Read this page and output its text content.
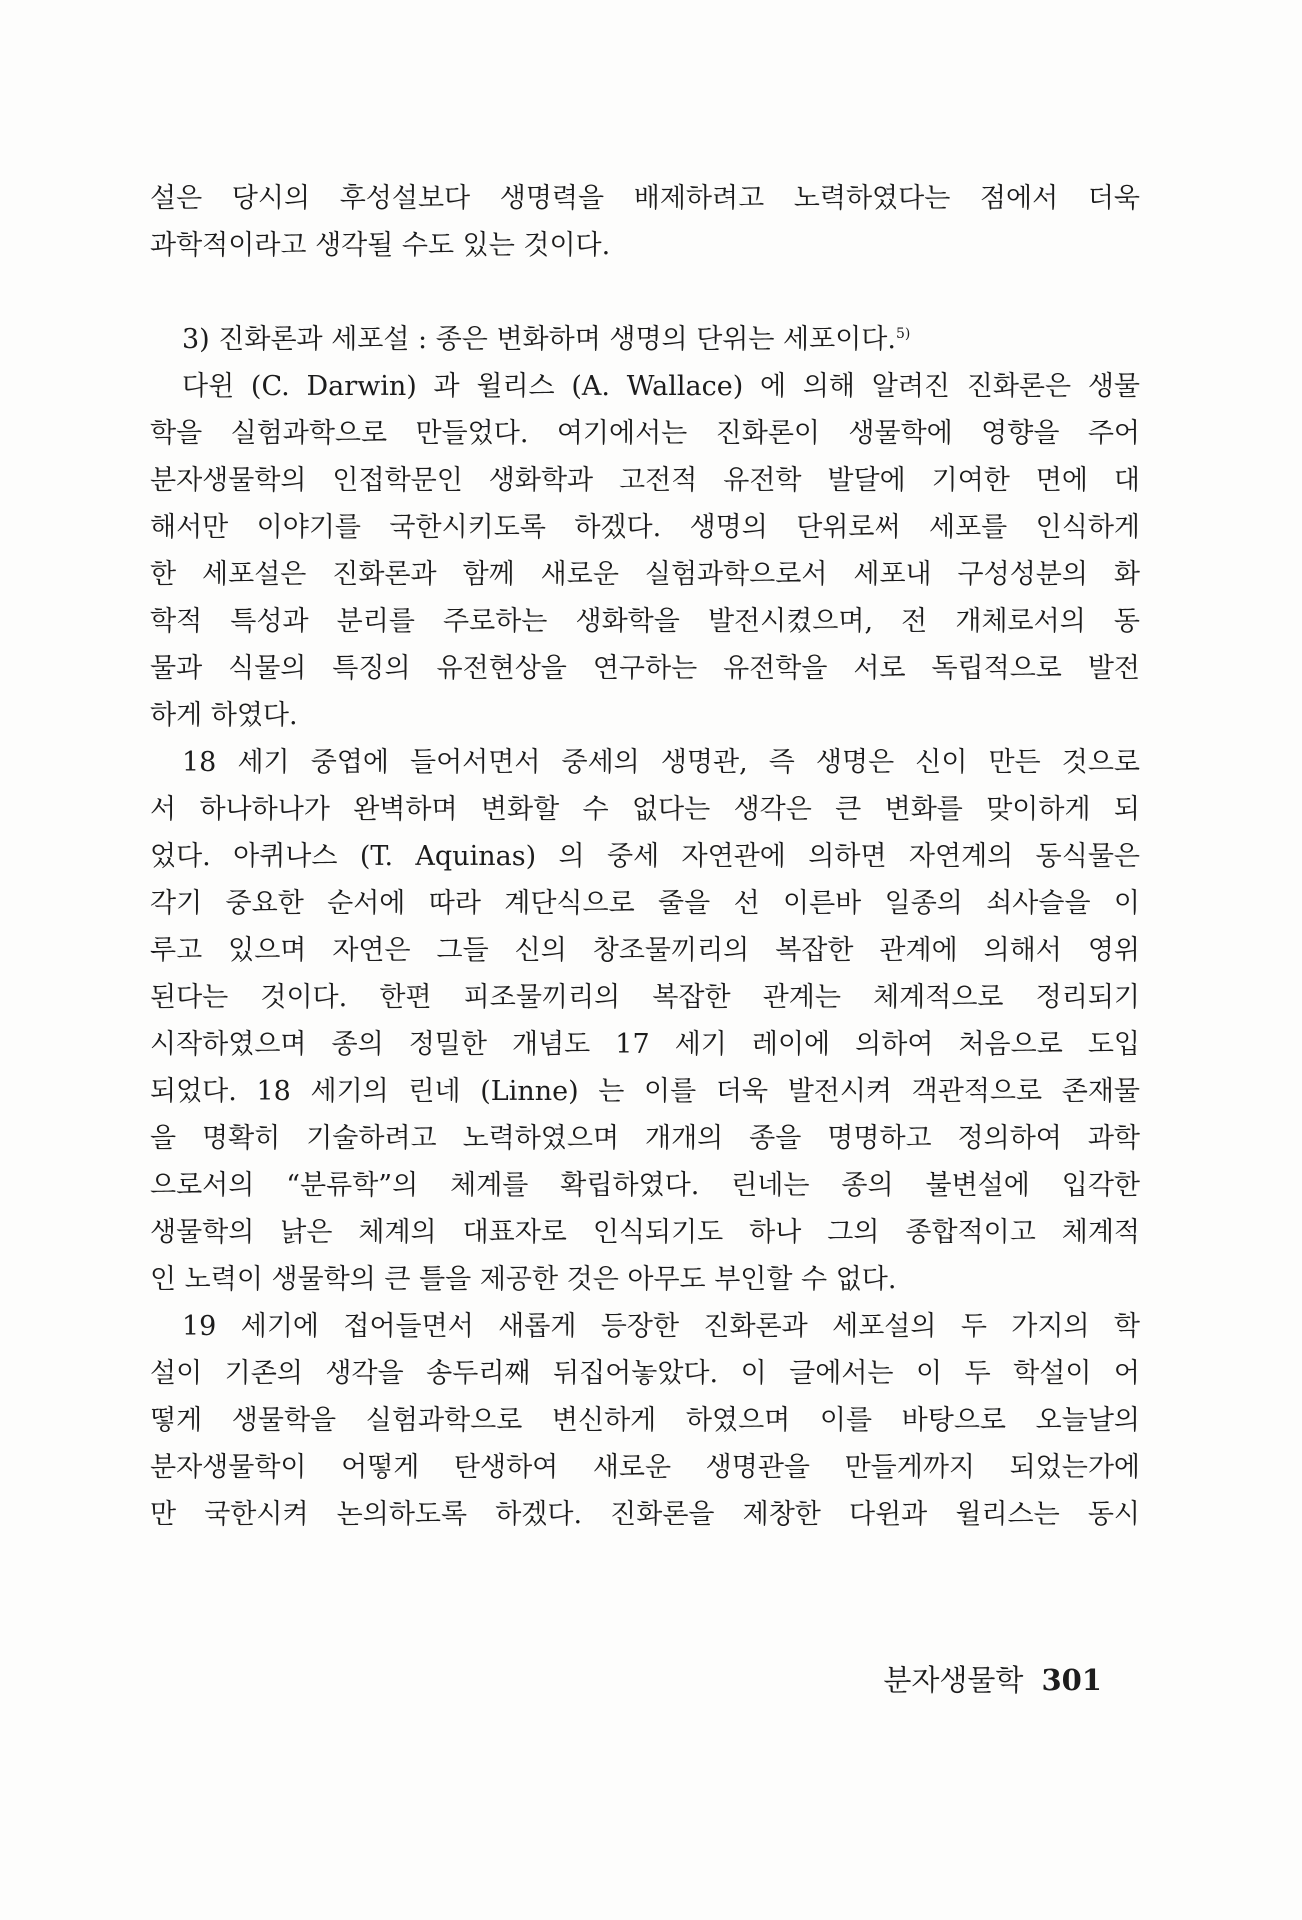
설은 당시의 후성설보다 생명력을 배제하려고 노력하였다는 점에서 더욱
과학적이라고 생각될 수도 있는 것이다.
3) 진화론과 세포설 : 종은 변화하며 생명의 단위는 세포이다.$^{5)}$
다윈 (C. Darwin) 과 윌리스 (A. Wallace) 에 의해 알려진 진화론은 생물
학을 실험과학으로 만들었다. 여기에서는 진화론이 생물학에 영향을 주어
분자생물학의 인접학문인 생화학과 고전적 유전학 발달에 기여한 면에 대
해서만 이야기를 국한시키도록 하겠다. 생명의 단위로써 세포를 인식하게
한 세포설은 진화론과 함께 새로운 실험과학으로서 세포내 구성성분의 화
학적 특성과 분리를 주로하는 생화학을 발전시켰으며, 전 개체로서의 동
물과 식물의 특징의 유전현상을 연구하는 유전학을 서로 독립적으로 발전
하게 하였다.
18 세기 중엽에 들어서면서 중세의 생명관, 즉 생명은 신이 만든 것으로
서 하나하나가 완벽하며 변화할 수 없다는 생각은 큰 변화를 맞이하게 되
었다. 아퀴나스 (T. Aquinas) 의 중세 자연관에 의하면 자연계의 동식물은
각기 중요한 순서에 따라 계단식으로 줄을 선 이른바 일종의 쇠사슬을 이
루고 있으며 자연은 그들 신의 창조물끼리의 복잡한 관계에 의해서 영위
된다는 것이다. 한편 피조물끼리의 복잡한 관계는 체계적으로 정리되기
시작하였으며 종의 정밀한 개념도 17 세기 레이에 의하여 처음으로 도입
되었다. 18 세기의 린네 (Linne) 는 이를 더욱 발전시켜 객관적으로 존재물
을 명확히 기술하려고 노력하였으며 개개의 종을 명명하고 정의하여 과학
으로서의 “분류학”의 체계를 확립하였다. 린네는 종의 불변설에 입각한
생물학의 낡은 체계의 대표자로 인식되기도 하나 그의 종합적이고 체계적
인 노력이 생물학의 큰 틀을 제공한 것은 아무도 부인할 수 없다.
19 세기에 접어들면서 새롭게 등장한 진화론과 세포설의 두 가지의 학
설이 기존의 생각을 송두리째 뒤집어놓았다. 이 글에서는 이 두 학설이 어
떻게 생물학을 실험과학으로 변신하게 하였으며 이를 바탕으로 오늘날의
분자생물학이 어떻게 탄생하여 새로운 생명관을 만들게까지 되었는가에
만 국한시켜 논의하도록 하겠다. 진화론을 제창한 다윈과 윌리스는 동시
분자생물학 301
